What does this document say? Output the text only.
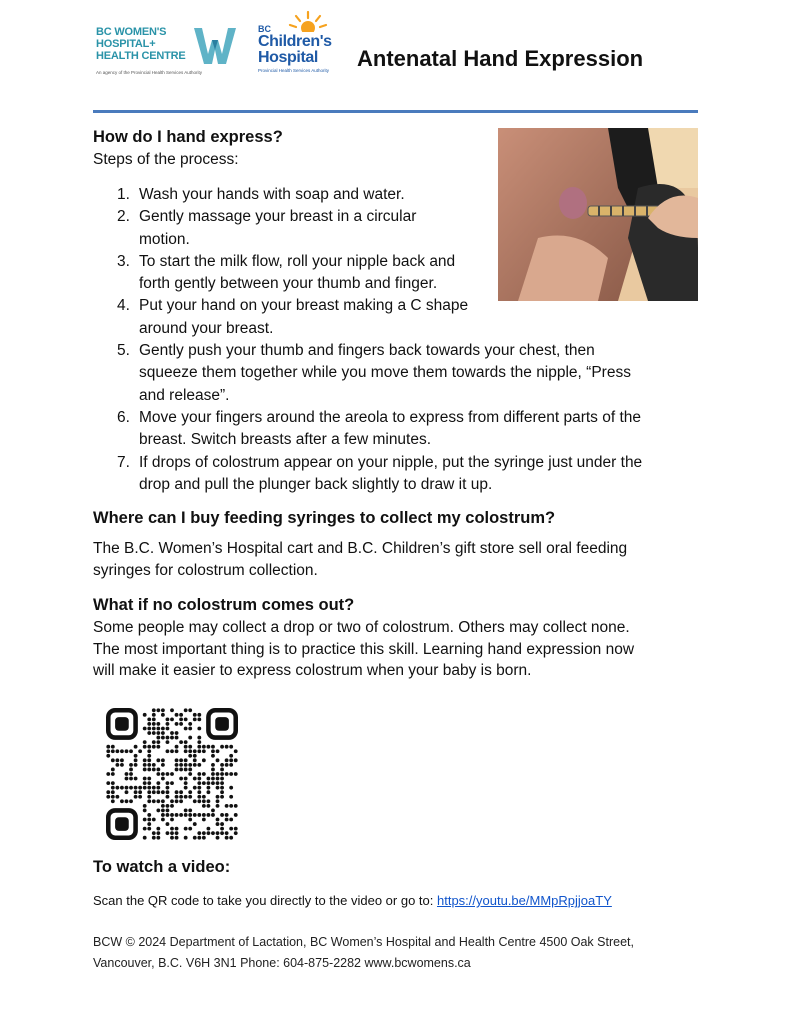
BC WOMEN'S
HOSPITAL+
HEALTH CENTRE
An agency of the Provincial Health Services Authority
BC
Children's
Hospital
Provincial Health Services Authority Antenatal Hand Expression
How do I hand express?

Steps of the process:

1. Wash your hands with soap and water.
2. Gently massage your breast in a circular
motion.
3. To start the milk flow, roll your nipple back and
forth gently between your thumb and finger.
4. Put your hand on your breast making a C shape
around your breast.
5. Gently push your thumb and fingers back towards your chest, then
squeeze them together while you move them towards the nipple, “Press
and release”.
6. Move your fingers around the areola to express from different parts of the
breast. Switch breasts after a few minutes.
7. If drops of colostrum appear on your nipple, put the syringe just under the
drop and pull the plunger back slightly to draw it up.
Where can I buy feeding syringes to collect my colostrum?
The B.C. Women’s Hospital cart and B.C. Children’s gift store sell oral feeding
syringes for colostrum collection.
What if no colostrum comes out?
Some people may collect a drop or two of colostrum. Others may collect none.
The most important thing is to practice this skill. Learning hand expression now
will make it easier to express colostrum when your baby is born.
To watch a video:
Scan the QR code to take you directly to the video or go to: https://youtu.be/MMpRpjjoaTY
BCW © 2024 Department of Lactation, BC Women’s Hospital and Health Centre 4500 Oak Street,
Vancouver, B.C. V6H 3N1 Phone: 604-875-2282 www.bcwomens.ca
